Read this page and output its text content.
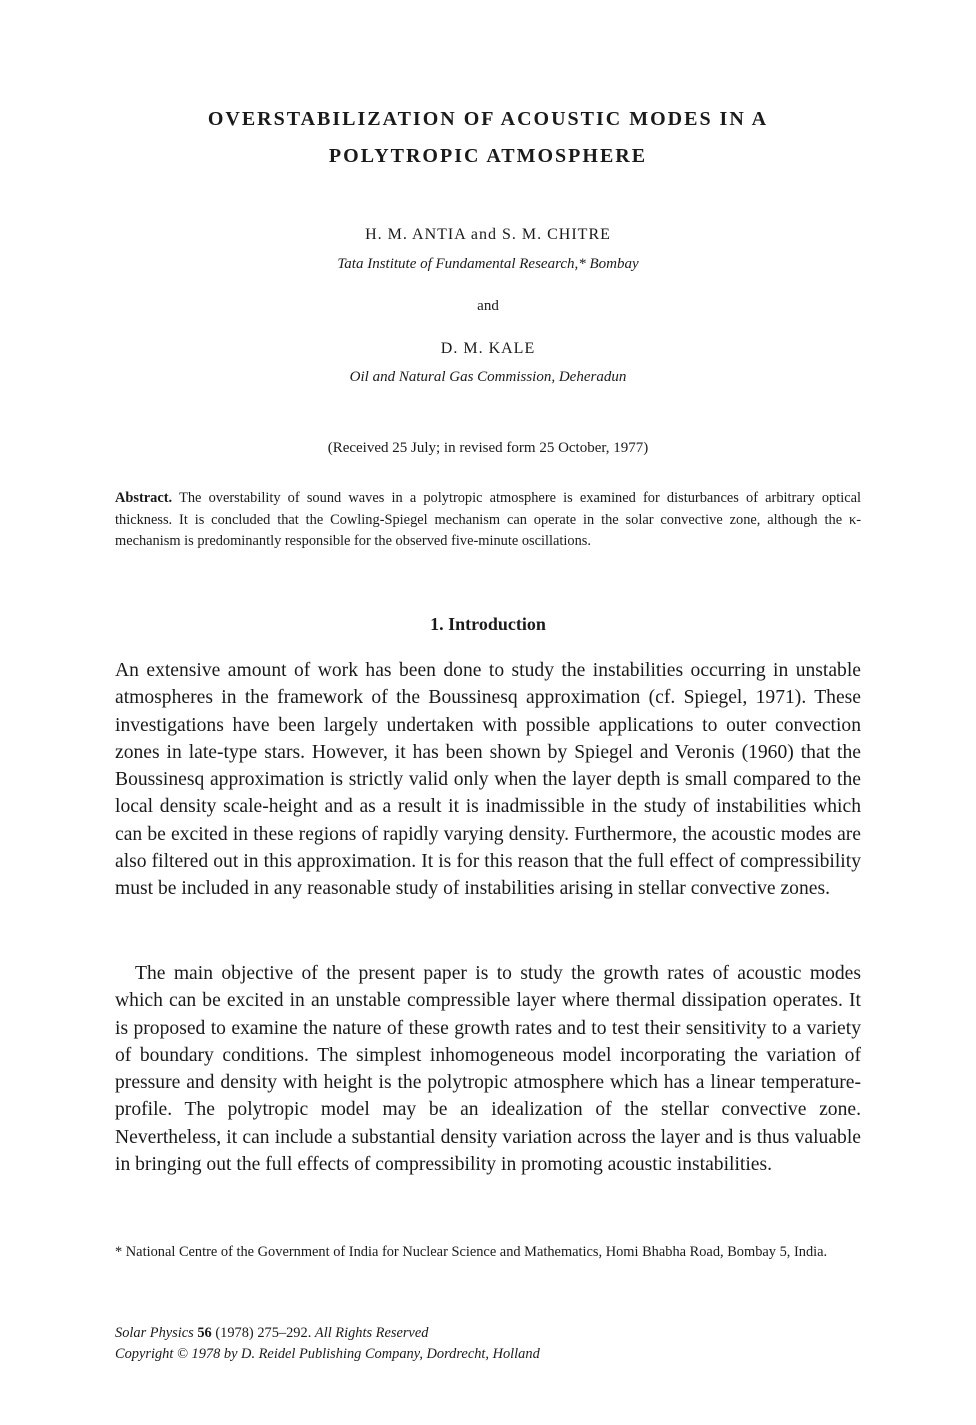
OVERSTABILIZATION OF ACOUSTIC MODES IN A
POLYTROPIC ATMOSPHERE
H. M. ANTIA and S. M. CHITRE
Tata Institute of Fundamental Research,* Bombay
and
D. M. KALE
Oil and Natural Gas Commission, Deheradun
(Received 25 July; in revised form 25 October, 1977)
Abstract. The overstability of sound waves in a polytropic atmosphere is examined for disturbances of arbitrary optical thickness. It is concluded that the Cowling-Spiegel mechanism can operate in the solar convective zone, although the κ-mechanism is predominantly responsible for the observed five-minute oscillations.
1. Introduction
An extensive amount of work has been done to study the instabilities occurring in unstable atmospheres in the framework of the Boussinesq approximation (cf. Spiegel, 1971). These investigations have been largely undertaken with possible applications to outer convection zones in late-type stars. However, it has been shown by Spiegel and Veronis (1960) that the Boussinesq approximation is strictly valid only when the layer depth is small compared to the local density scale-height and as a result it is inadmissible in the study of instabilities which can be excited in these regions of rapidly varying density. Furthermore, the acoustic modes are also filtered out in this approximation. It is for this reason that the full effect of compressibility must be included in any reasonable study of instabilities arising in stellar convective zones.
The main objective of the present paper is to study the growth rates of acoustic modes which can be excited in an unstable compressible layer where thermal dissipation operates. It is proposed to examine the nature of these growth rates and to test their sensitivity to a variety of boundary conditions. The simplest inhomogeneous model incorporating the variation of pressure and density with height is the polytropic atmosphere which has a linear temperature-profile. The polytropic model may be an idealization of the stellar convective zone. Nevertheless, it can include a substantial density variation across the layer and is thus valuable in bringing out the full effects of compressibility in promoting acoustic instabilities.
* National Centre of the Government of India for Nuclear Science and Mathematics, Homi Bhabha Road, Bombay 5, India.
Solar Physics 56 (1978) 275–292. All Rights Reserved
Copyright © 1978 by D. Reidel Publishing Company, Dordrecht, Holland
